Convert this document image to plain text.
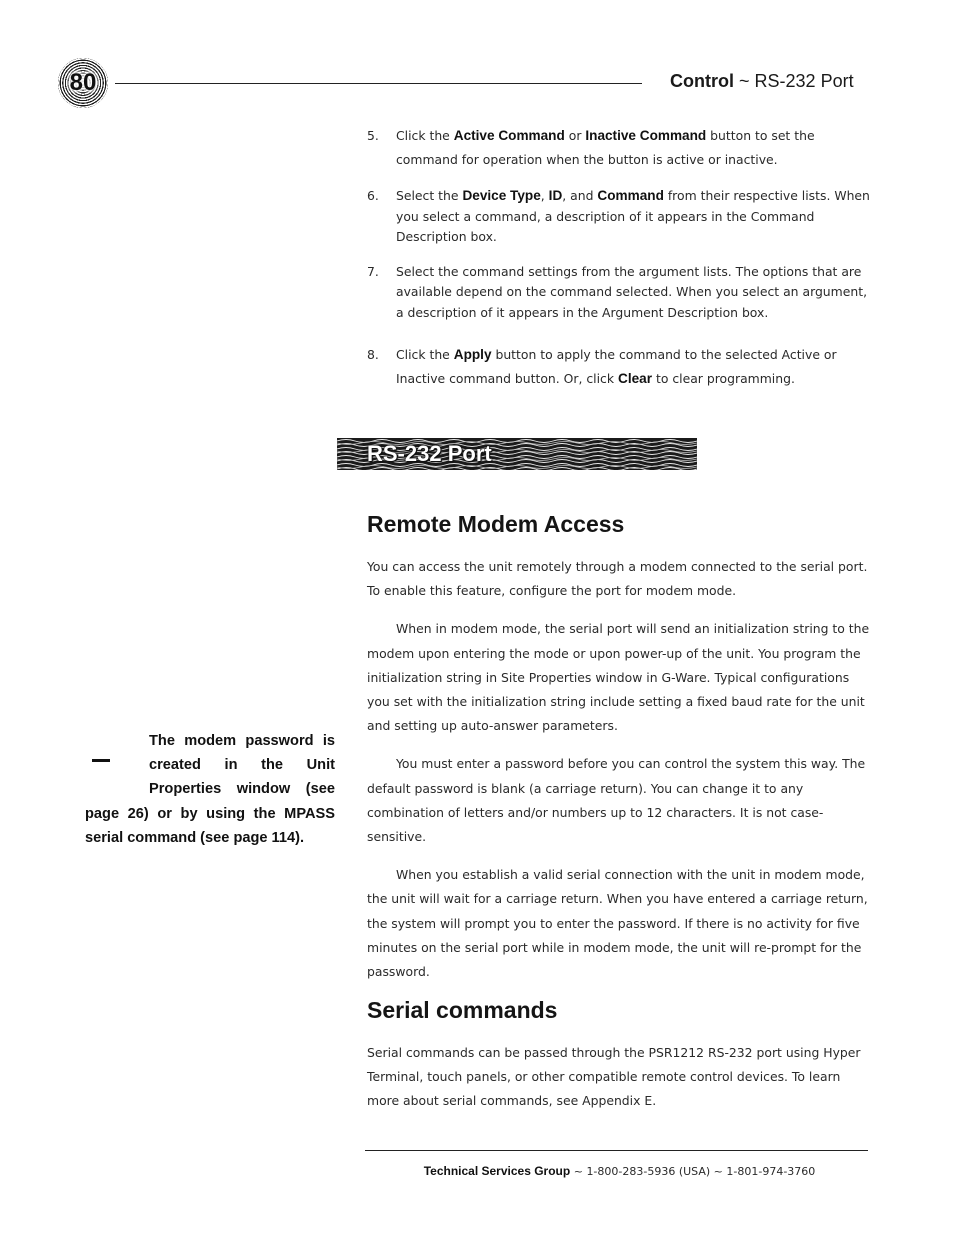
80	Control ~ RS-232 Port
5.	Click the Active Command or Inactive Command button to set the command for operation when the button is active or inactive.
6.	Select the Device Type, ID, and Command from their respective lists. When you select a command, a description of it appears in the Command Description box.
7.	Select the command settings from the argument lists. The options that are available depend on the command selected. When you select an argument, a description of it appears in the Argument Description box.
8.	Click the Apply button to apply the command to the selected Active or Inactive command button. Or, click Clear to clear programming.
RS-232 Port
Remote Modem Access

You can access the unit remotely through a modem connected to the serial port. To enable this feature, configure the port for modem mode.

When in modem mode, the serial port will send an initialization string to the modem upon entering the mode or upon power-up of the unit. You program the initialization string in Site Properties window in G-Ware. Typical configurations you set with the initialization string include setting a fixed baud rate for the unit and setting up auto-answer parameters.

You must enter a password before you can control the system this way. The default password is blank (a carriage return). You can change it to any combination of letters and/or numbers up to 12 characters. It is not case-sensitive.

When you establish a valid serial connection with the unit in modem mode, the unit will wait for a carriage return. When you have entered a carriage return, the system will prompt you to enter the password. If there is no activity for five minutes on the serial port while in modem mode, the unit will re-prompt for the password.

Serial commands

Serial commands can be passed through the PSR1212 RS-232 port using Hyper Terminal, touch panels, or other compatible remote control devices. To learn more about serial commands, see Appendix E.

The modem password is created in the Unit Properties window (see page 26) or by using the MPASS serial command (see page 114).
Technical Services Group ~ 1-800-283-5936 (USA) ~ 1-801-974-3760
